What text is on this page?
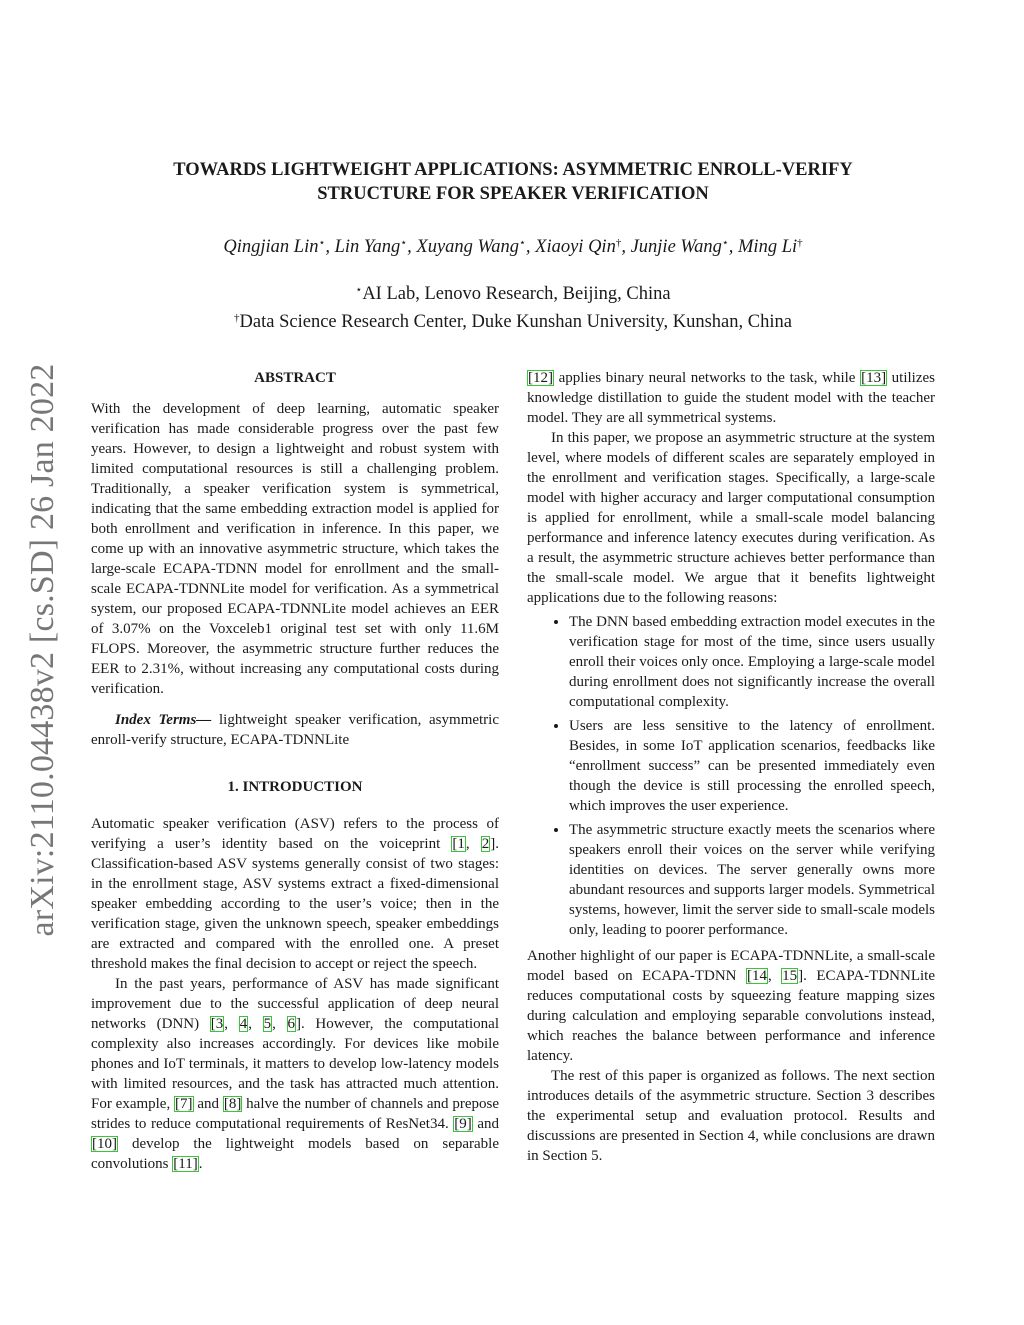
arXiv:2110.04438v2 [cs.SD] 26 Jan 2022
TOWARDS LIGHTWEIGHT APPLICATIONS: ASYMMETRIC ENROLL-VERIFY
STRUCTURE FOR SPEAKER VERIFICATION
Qingjian Lin⋆, Lin Yang⋆, Xuyang Wang⋆, Xiaoyi Qin†, Junjie Wang⋆, Ming Li†
⋆AI Lab, Lenovo Research, Beijing, China
†Data Science Research Center, Duke Kunshan University, Kunshan, China
ABSTRACT

With the development of deep learning, automatic speaker verification has made considerable progress over the past few years. However, to design a lightweight and robust system with limited computational resources is still a challenging problem. Traditionally, a speaker verification system is symmetrical, indicating that the same embedding extraction model is applied for both enrollment and verification in inference. In this paper, we come up with an innovative asymmetric structure, which takes the large-scale ECAPA-TDNN model for enrollment and the small-scale ECAPA-TDNNLite model for verification. As a symmetrical system, our proposed ECAPA-TDNNLite model achieves an EER of 3.07% on the Voxceleb1 original test set with only 11.6M FLOPS. Moreover, the asymmetric structure further reduces the EER to 2.31%, without increasing any computational costs during verification.

Index Terms— lightweight speaker verification, asymmetric enroll-verify structure, ECAPA-TDNNLite

1. INTRODUCTION

Automatic speaker verification (ASV) refers to the process of verifying a user’s identity based on the voiceprint [1, 2]. Classification-based ASV systems generally consist of two stages: in the enrollment stage, ASV systems extract a fixed-dimensional speaker embedding according to the user’s voice; then in the verification stage, given the unknown speech, speaker embeddings are extracted and compared with the enrolled one. A preset threshold makes the final decision to accept or reject the speech.

In the past years, performance of ASV has made significant improvement due to the successful application of deep neural networks (DNN) [3, 4, 5, 6]. However, the computational complexity also increases accordingly. For devices like mobile phones and IoT terminals, it matters to develop low-latency models with limited resources, and the task has attracted much attention. For example, [7] and [8] halve the number of channels and prepose strides to reduce computational requirements of ResNet34. [9] and [10] develop the lightweight models based on separable convolutions [11].

[12] applies binary neural networks to the task, while [13] utilizes knowledge distillation to guide the student model with the teacher model. They are all symmetrical systems.

In this paper, we propose an asymmetric structure at the system level, where models of different scales are separately employed in the enrollment and verification stages. Specifically, a large-scale model with higher accuracy and larger computational consumption is applied for enrollment, while a small-scale model balancing performance and inference latency executes during verification. As a result, the asymmetric structure achieves better performance than the small-scale model. We argue that it benefits lightweight applications due to the following reasons:

• The DNN based embedding extraction model executes in the verification stage for most of the time, since users usually enroll their voices only once. Employing a large-scale model during enrollment does not significantly increase the overall computational complexity.
• Users are less sensitive to the latency of enrollment. Besides, in some IoT application scenarios, feedbacks like “enrollment success” can be presented immediately even though the device is still processing the enrolled speech, which improves the user experience.
• The asymmetric structure exactly meets the scenarios where speakers enroll their voices on the server while verifying identities on devices. The server generally owns more abundant resources and supports larger models. Symmetrical systems, however, limit the server side to small-scale models only, leading to poorer performance.

Another highlight of our paper is ECAPA-TDNNLite, a small-scale model based on ECAPA-TDNN [14, 15]. ECAPA-TDNNLite reduces computational costs by squeezing feature mapping sizes during calculation and employing separable convolutions instead, which reaches the balance between performance and inference latency.

The rest of this paper is organized as follows. The next section introduces details of the asymmetric structure. Section 3 describes the experimental setup and evaluation protocol. Results and discussions are presented in Section 4, while conclusions are drawn in Section 5.
